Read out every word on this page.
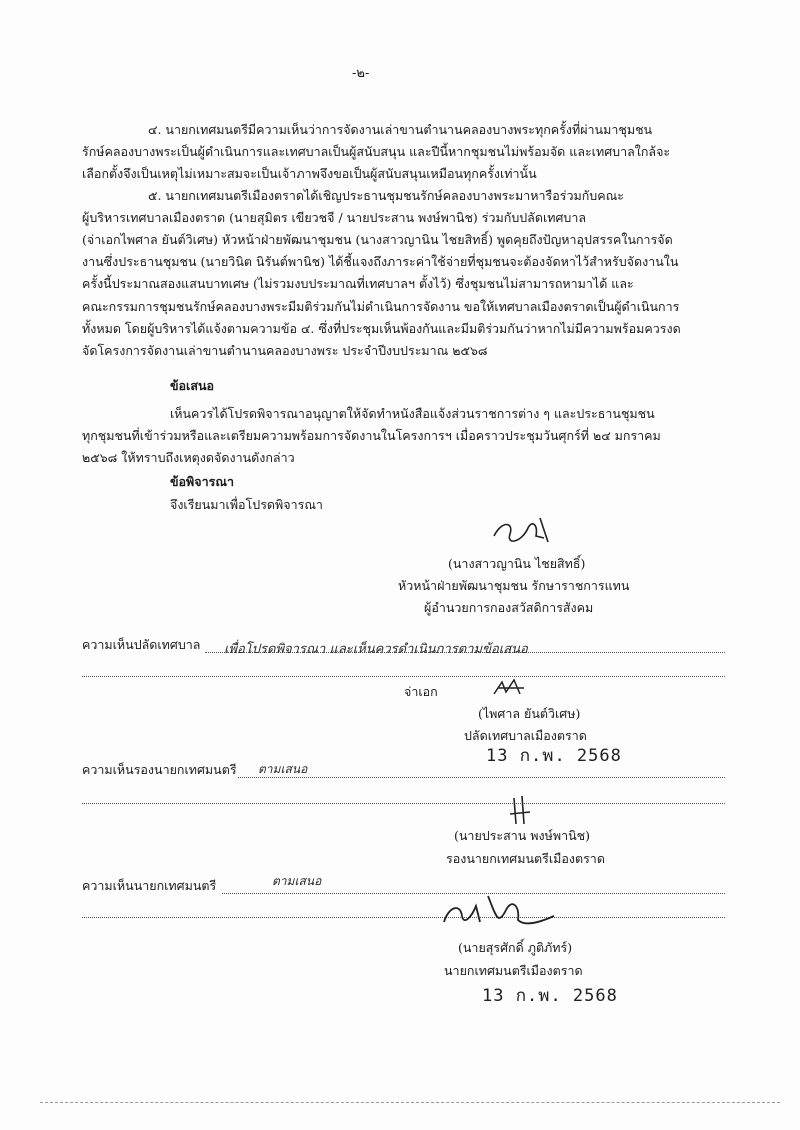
-๒-
๔. นายกเทศมนตรีมีความเห็นว่าการจัดงานเล่าขานตำนานคลองบางพระทุกครั้งที่ผ่านมาชุมชน
รักษ์คลองบางพระเป็นผู้ดำเนินการและเทศบาลเป็นผู้สนับสนุน และปีนี้หากชุมชนไม่พร้อมจัด และเทศบาลใกล้จะ
เลือกตั้งจึงเป็นเหตุไม่เหมาะสมจะเป็นเจ้าภาพจึงขอเป็นผู้สนับสนุนเหมือนทุกครั้งเท่านั้น
๕. นายกเทศมนตรีเมืองตราดได้เชิญประธานชุมชนรักษ์คลองบางพระมาหารือร่วมกับคณะ
ผู้บริหารเทศบาลเมืองตราด (นายสุมิตร เขียวชจี / นายประสาน พงษ์พานิช) ร่วมกับปลัดเทศบาล
(จ่าเอกไพศาล ยันต์วิเศษ) หัวหน้าฝ่ายพัฒนาชุมชน (นางสาวญานิน ไชยสิทธิ์) พูดคุยถึงปัญหาอุปสรรคในการจัด
งานซึ่งประธานชุมชน (นายวินิต นิรันต์พานิช) ได้ชี้แจงถึงภาระค่าใช้จ่ายที่ชุมชนจะต้องจัดหาไว้สำหรับจัดงานใน
ครั้งนี้ประมาณสองแสนบาทเศษ (ไม่รวมงบประมาณที่เทศบาลฯ ตั้งไว้) ซึ่งชุมชนไม่สามารถหามาได้ และ
คณะกรรมการชุมชนรักษ์คลองบางพระมีมติร่วมกันไม่ดำเนินการจัดงาน ขอให้เทศบาลเมืองตราดเป็นผู้ดำเนินการ
ทั้งหมด โดยผู้บริหารได้แจ้งตามความข้อ ๔. ซึ่งที่ประชุมเห็นพ้องกันและมีมติร่วมกันว่าหากไม่มีความพร้อมควรงด
จัดโครงการจัดงานเล่าขานตำนานคลองบางพระ ประจำปีงบประมาณ ๒๕๖๘
ข้อเสนอ
เห็นควรได้โปรดพิจารณาอนุญาตให้จัดทำหนังสือแจ้งส่วนราชการต่าง ๆ และประธานชุมชน
ทุกชุมชนที่เข้าร่วมหรือและเตรียมความพร้อมการจัดงานในโครงการฯ เมื่อคราวประชุมวันศุกร์ที่ ๒๔ มกราคม
๒๕๖๘ ให้ทราบถึงเหตุงดจัดงานดังกล่าว
ข้อพิจารณา
จึงเรียนมาเพื่อโปรดพิจารณา
(นางสาวญานิน ไชยสิทธิ์)
หัวหน้าฝ่ายพัฒนาชุมชน รักษาราชการแทน
ผู้อำนวยการกองสวัสดิการสังคม
ความเห็นปลัดเทศบาล เพื่อโปรดพิจารณา และเห็นควรดำเนินการตามข้อเสนอ
จ่าเอก
(ไพศาล ยันต์วิเศษ)
ปลัดเทศบาลเมืองตราด
13 ก.พ. 2568
ความเห็นรองนายกเทศมนตรี ตามเสนอ
(นายประสาน พงษ์พานิช)
รองนายกเทศมนตรีเมืองตราด
ความเห็นนายกเทศมนตรี	ตามเสนอ
(นายสุรศักดิ์ ภูติภัทร์)
นายกเทศมนตรีเมืองตราด
13 ก.พ. 2568
